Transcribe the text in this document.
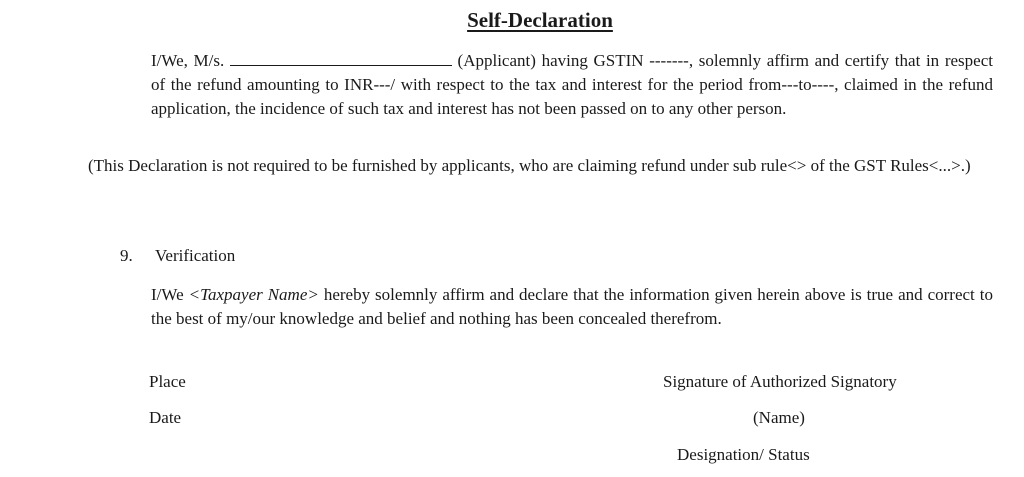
Self-Declaration
I/We, M/s.	(Applicant) having GSTIN -------, solemnly affirm and certify that in respect of the refund amounting to INR---/ with respect to the tax and interest for the period from---to----, claimed in the refund application, the incidence of such tax and interest has not been passed on to any other person.
(This Declaration is not required to be furnished by applicants, who are claiming refund under sub rule<> of the GST Rules<...>.)
9. Verification
I/We <Taxpayer Name> hereby solemnly affirm and declare that the information given herein above is true and correct to the best of my/our knowledge and belief and nothing has been concealed therefrom.
Place
Date
Signature of Authorized Signatory
(Name)
Designation/ Status
